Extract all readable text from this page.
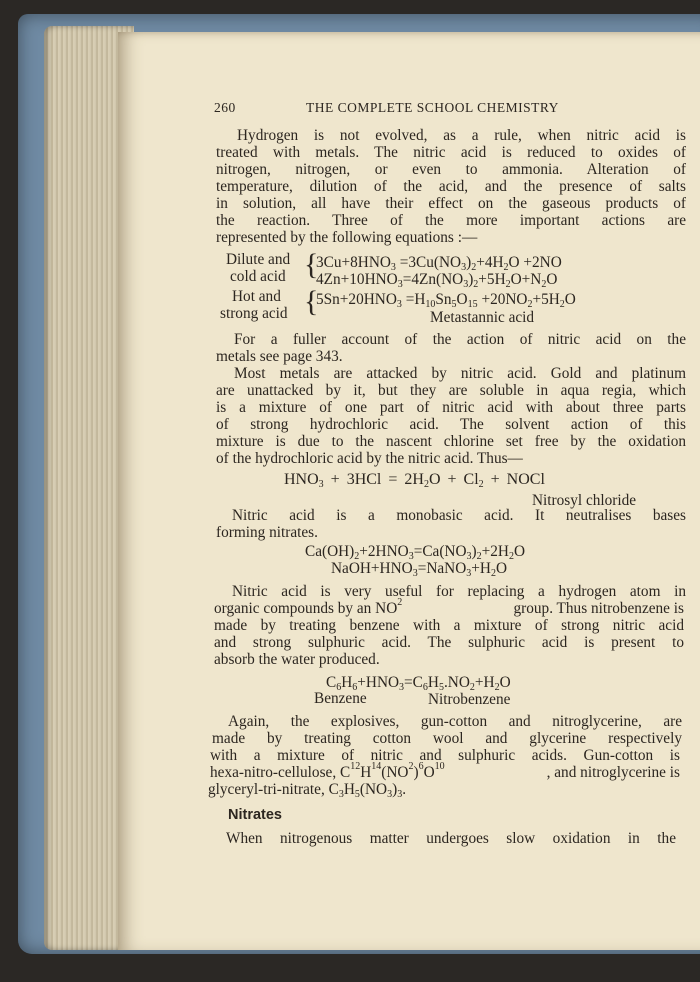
260	THE COMPLETE SCHOOL CHEMISTRY
Hydrogen is not evolved, as a rule, when nitric acid is
treated with metals. The nitric acid is reduced to oxides of
nitrogen, nitrogen, or even to ammonia. Alteration of
temperature, dilution of the acid, and the presence of salts
in solution, all have their effect on the gaseous products of
the reaction. Three of the more important actions are
represented by the following equations :—
Dilute and
cold acid {
$3Cu+8HNO_3 =3Cu(NO_3)_2+4H_2O +2NO$
$4Zn+10HNO_3=4Zn(NO_3)_2+5H_2O+N_2O$
Hot and
strong acid {
$5Sn+20HNO_3 =H_{10}Sn_5O_{15} +20NO_2+5H_2O$
Metastannic acid
For a fuller account of the action of nitric acid on the
metals see page 343.
Most metals are attacked by nitric acid. Gold and platinum
are unattacked by it, but they are soluble in aqua regia, which
is a mixture of one part of nitric acid with about three parts
of strong hydrochloric acid. The solvent action of this
mixture is due to the nascent chlorine set free by the oxidation
of the hydrochloric acid by the nitric acid. Thus—
$HNO_3 + 3HCl = 2H_2O + Cl_2$ + NOCl
Nitrosyl chloride
Nitric acid is a monobasic acid. It neutralises bases
forming nitrates.
$Ca(OH)_2+2HNO_3=Ca(NO_3)_2+2H_2O$
$NaOH+HNO_3=NaNO_3+H_2O$
Nitric acid is very useful for replacing a hydrogen atom in
organic compounds by an NO 2	group. Thus nitrobenzene is
made by treating benzene with a mixture of strong nitric acid
and strong sulphuric acid. The sulphuric acid is present to
absorb the water produced.
$C_6H_6+HNO_3=C_6H_5.NO_2+H_2O$
Benzene	Nitrobenzene
Again, the explosives, gun-cotton and nitroglycerine, are
made by treating cotton wool and glycerine respectively
with a mixture of nitric and sulphuric acids. Gun-cotton is
hexa-nitro-cellulose, C 12 H 14 (NO 2 ) 6 O 10	, and nitroglycerine is
glyceryl-tri-nitrate, $C_3H_5(NO_3)_3$.
Nitrates
When nitrogenous matter undergoes slow oxidation in the
